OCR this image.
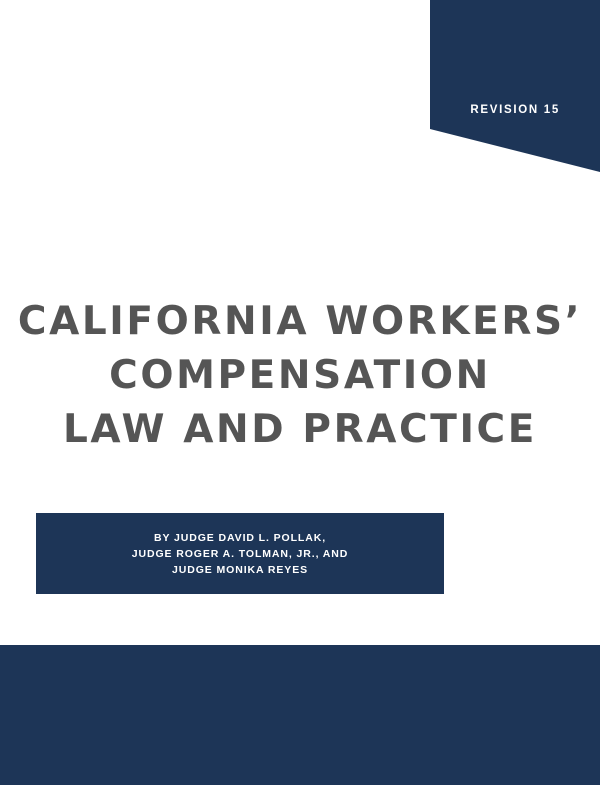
REVISION 15
CALIFORNIA WORKERS’
COMPENSATION
LAW AND PRACTICE
BY JUDGE DAVID L. POLLAK,
JUDGE ROGER A. TOLMAN, JR., AND
JUDGE MONIKA REYES
